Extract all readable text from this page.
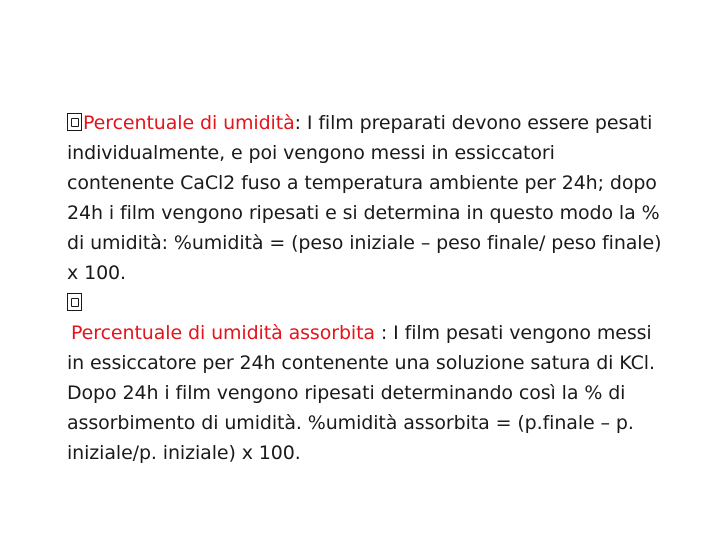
Percentuale di umidità: I film preparati devono essere pesati individualmente, e poi vengono messi in essiccatori contenente CaCl2 fuso a temperatura ambiente per 24h; dopo 24h i film vengono ripesati e si determina in questo modo la % di umidità: %umidità = (peso iniziale – peso finale/ peso finale) x 100.

Percentuale di umidità assorbita : I film pesati vengono messi in essiccatore per 24h contenente una soluzione satura di KCl. Dopo 24h i film vengono ripesati determinando così la % di assorbimento di umidità. %umidità assorbita = (p.finale – p. iniziale/p. iniziale) x 100.
